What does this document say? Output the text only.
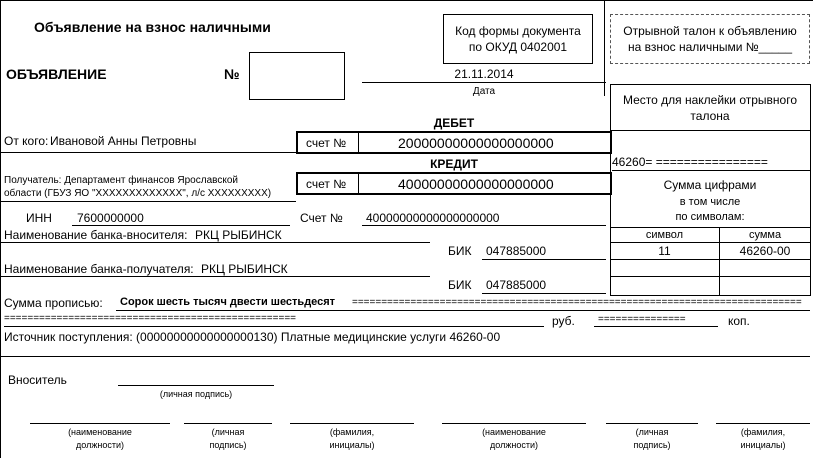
Объявление на взнос наличными	Код формы документа
по ОКУД 0402001
Отрывной талон к объявлению
на взнос наличными №_____
ОБЪЯВЛЕНИЕ	№	21.11.2014
Дата
Место для наклейки отрывного
талона
46260= ================
Сумма цифрами
в том числе
по символам:
символ	сумма
11	46260-00
ДЕБЕТ
счет №	20000000000000000000
От кого: Ивановой Анны Петровны
КРЕДИТ
счет №	40000000000000000000
Получатель: Департамент финансов Ярославской
области (ГБУЗ ЯО "ХХХХХХХХХХХХХ", л/с ХХХХХХХХХ)
ИНН 7600000000	Счет № 40000000000000000000
Наименование банка-вносителя: РКЦ РЫБИНСК
БИК 047885000
Наименование банка-получателя: РКЦ РЫБИНСК
БИК 047885000
Сумма прописью: Сорок шесть тысяч двести шестьдесят =============================================================================
==================================================	руб. ===============	коп.
Источник поступления: (00000000000000000130) Платные медицинские услуги 46260-00
Вноситель
(личная подпись)
(наименование
должности)
(личная
подпись)
(фамилия,
инициалы)
(наименование
должности)
(личная
подпись)
(фамилия,
инициалы)
